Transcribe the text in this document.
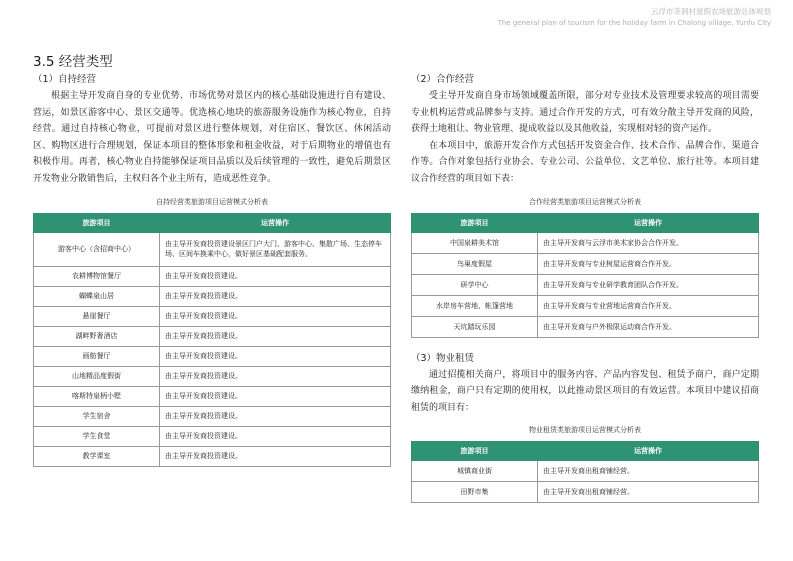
云浮市茶洞村度假农场旅游总体规划
The general plan of tourism for the holiday farm in Chalong village, Yunfu City
3.5 经营类型

（1）自持经营

根据主导开发商自身的专业优势、市场优势对景区内的核心基础设施进行自有建设、营运，如景区游客中心、景区交通等。优选核心地块的旅游服务设施作为核心物业，自持经营。通过自持核心物业，可提前对景区进行整体规划，对住宿区、餐饮区、休闲活动区、购物区进行合理规划，保证本项目的整体形象和租金收益，对于后期物业的增值也有积极作用。再者，核心物业自持能够保证项目品质以及后续管理的一致性，避免后期景区开发物业分散销售后，主权归各个业主所有，造成恶性竞争。

自持经营类旅游项目运营模式分析表
旅游项目	运营操作
游客中心（含招商中心）	由主导开发商投资建设景区门户大门、游客中心、集散广场、生态停车场、区间车换乘中心，做好景区基础配套服务。
农耕博物馆餐厅	由主导开发商投资建设。
蝴蝶泉山居	由主导开发商投资建设。
悬崖餐厅	由主导开发商投资建设。
湖畔野奢酒店	由主导开发商投资建设。
画舫餐厅	由主导开发商投资建设。
山地精品度假街	由主导开发商投资建设。
喀斯特泉柄小墅	由主导开发商投资建设。
学生宿舍	由主导开发商投资建设。
学生食堂	由主导开发商投资建设。
教学课室	由主导开发商投资建设。

（2）合作经营

受主导开发商自身市场领域覆盖所限，部分对专业技术及管理要求较高的项目需要专业机构运营或品牌参与支持。通过合作开发的方式，可有效分散主导开发商的风险，获得土地租让、物业管理、提成收益以及其他收益，实现相对轻的资产运作。

在本项目中，旅游开发合作方式包括开发资金合作、技术合作、品牌合作、渠道合作等。合作对象包括行业协会、专业公司、公益单位、文艺单位、旅行社等。本项目建议合作经营的项目如下表：

合作经营类旅游项目运营模式分析表
旅游项目	运营操作
中国泉耕美术馆	由主导开发商与云浮市美术家协会合作开发。
鸟巢度假屋	由主导开发商与专业树屋运营商合作开发。
研学中心	由主导开发商与专业研学教育团队合作开发。
水岸房车营地、帐篷营地	由主导开发商与专业营地运营商合作开发。
天坑踏玩乐园	由主导开发商与户外极限运动商合作开发。

（3）物业租赁

通过招揽相关商户，将项目中的服务内容、产品内容发包、租赁予商户，商户定期缴纳租金，商户只有定期的使用权，以此推动景区项目的有效运营。本项目中建议招商租赁的项目有：

物业租赁类旅游项目运营模式分析表
旅游项目	运营操作
城镇商业街	由主导开发商出租商铺经营。
田野市集	由主导开发商出租商铺经营。
